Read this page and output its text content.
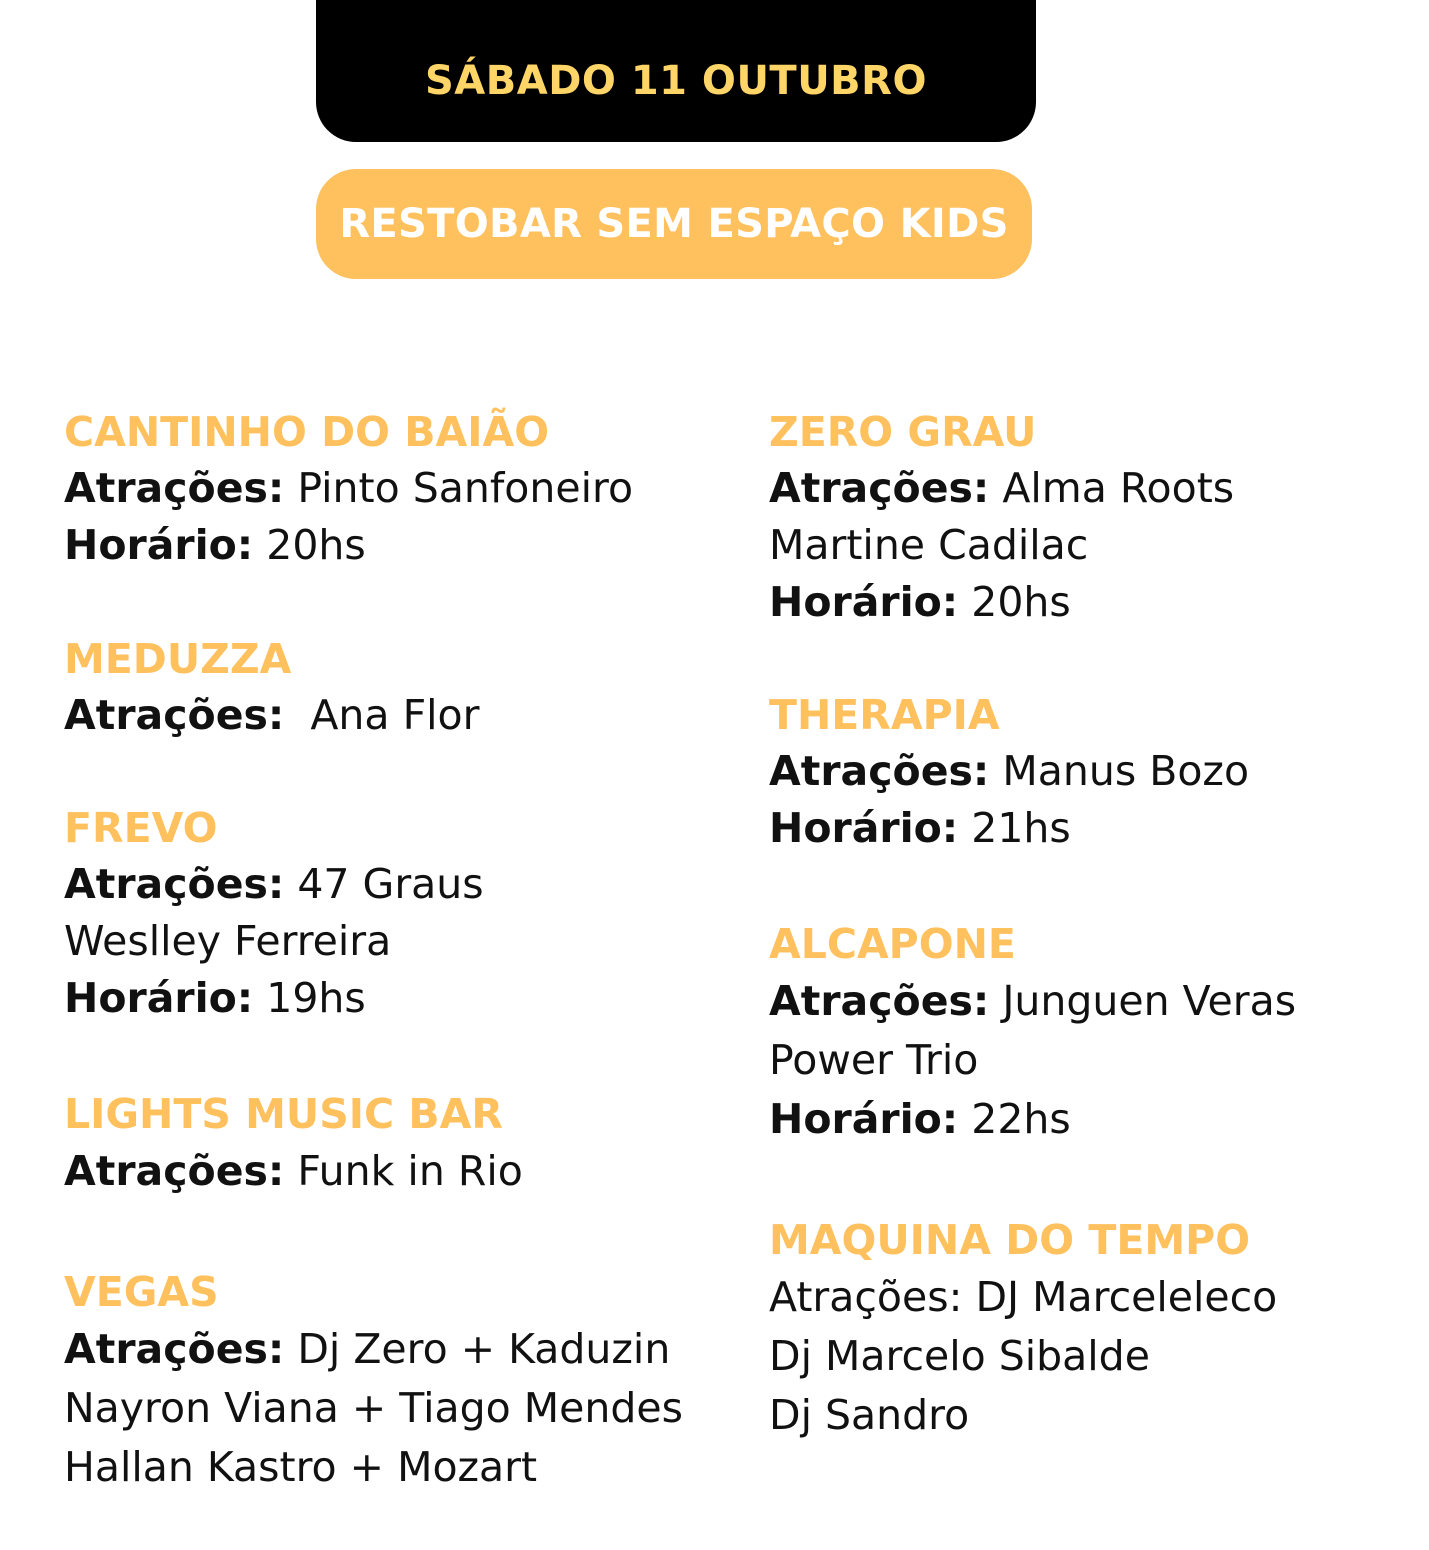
SÁBADO 11 OUTUBRO
RESTOBAR SEM ESPAÇO KIDS
CANTINHO DO BAIÃO
Atrações: Pinto Sanfoneiro
Horário: 20hs
MEDUZZA
Atrações:  Ana Flor
FREVO
Atrações: 47 Graus
Weslley Ferreira
Horário: 19hs
LIGHTS MUSIC BAR
Atrações: Funk in Rio
VEGAS
Atrações: Dj Zero + Kaduzin
Nayron Viana + Tiago Mendes
Hallan Kastro + Mozart
ZERO GRAU
Atrações: Alma Roots
Martine Cadilac
Horário: 20hs
THERAPIA
Atrações: Manus Bozo
Horário: 21hs
ALCAPONE
Atrações: Junguen Veras
Power Trio
Horário: 22hs
MAQUINA DO TEMPO
Atrações: DJ Marceleleco
Dj Marcelo Sibalde
Dj Sandro
